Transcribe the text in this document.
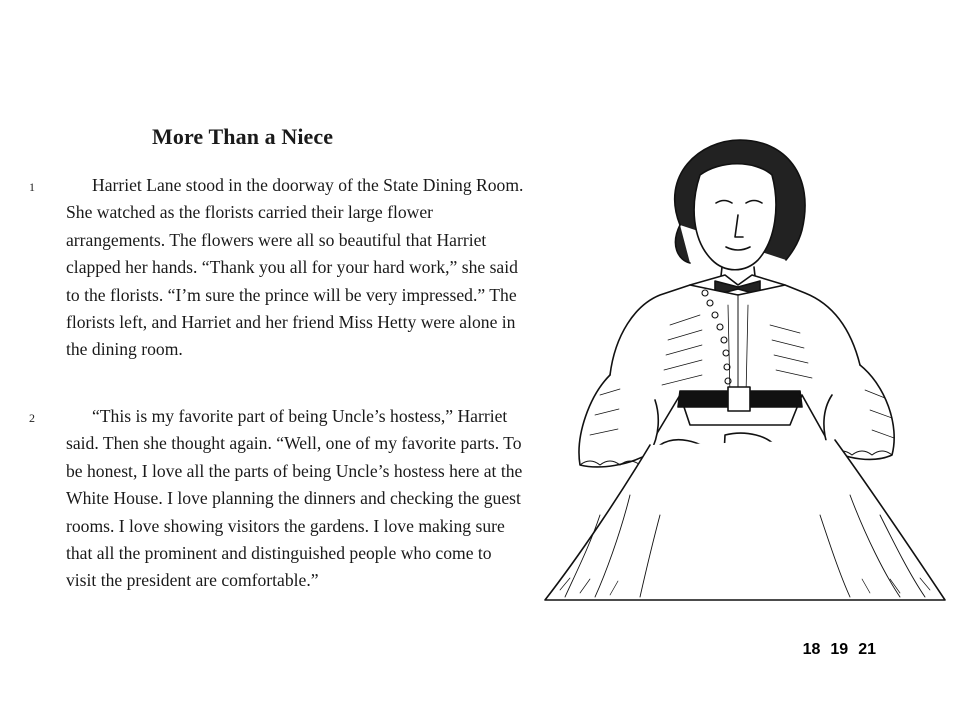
More Than a Niece
1	Harriet Lane stood in the doorway of the State Dining Room. She watched as the florists carried their large flower arrangements. The flowers were all so beautiful that Harriet clapped her hands. “Thank you all for your hard work,” she said to the florists. “I’m sure the prince will be very impressed.” The florists left, and Harriet and her friend Miss Hetty were alone in the dining room.

2	“This is my favorite part of being Uncle’s hostess,” Harriet said. Then she thought again. “Well, one of my favorite parts. To be honest, I love all the parts of being Uncle’s hostess here at the White House. I love planning the dinners and checking the guest rooms. I love showing visitors the gardens. I love making sure that all the prominent and distinguished people who come to visit the president are comfortable.”

18 19 21
